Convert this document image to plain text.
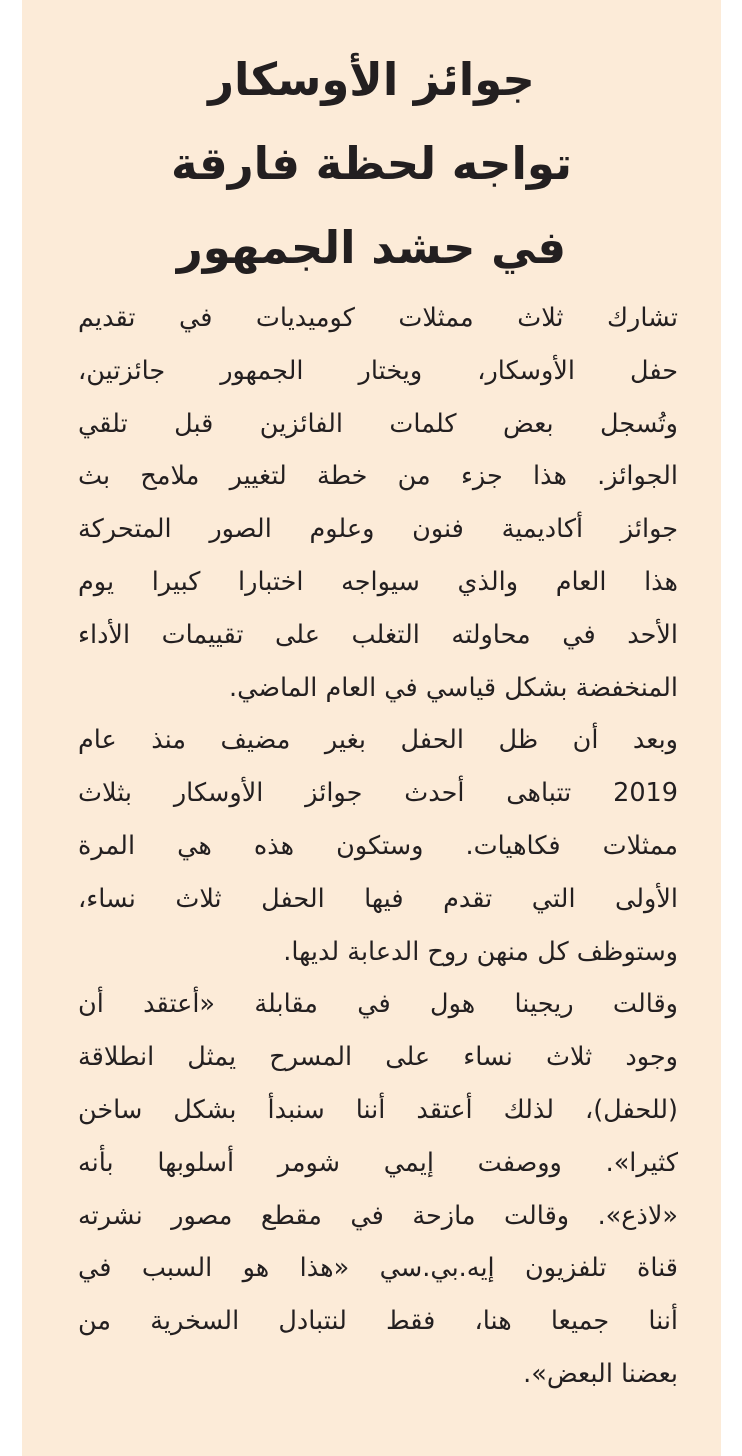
جوائز الأوسكار
تواجه لحظة فارقة
في حشد الجمهور

تشارك ثلاث ممثلات كوميديات في تقديم
حفل الأوسكار، ويختار الجمهور جائزتين،
وتُسجل بعض كلمات الفائزين قبل تلقي
الجوائز. هذا جزء من خطة لتغيير ملامح بث
جوائز أكاديمية فنون وعلوم الصور المتحركة
هذا العام والذي سيواجه اختبارا كبيرا يوم
الأحد في محاولته التغلب على تقييمات الأداء
المنخفضة بشكل قياسي في العام الماضي.

وبعد أن ظل الحفل بغير مضيف منذ عام
2019 تتباهى أحدث جوائز الأوسكار بثلاث
ممثلات فكاهيات. وستكون هذه هي المرة
الأولى التي تقدم فيها الحفل ثلاث نساء،
وستوظف كل منهن روح الدعابة لديها.

وقالت ريجينا هول في مقابلة «أعتقد أن
وجود ثلاث نساء على المسرح يمثل انطلاقة
(للحفل)، لذلك أعتقد أننا سنبدأ بشكل ساخن
كثيرا». ووصفت إيمي شومر أسلوبها بأنه
«لاذع». وقالت مازحة في مقطع مصور نشرته
قناة تلفزيون إيه.بي.سي «هذا هو السبب في
أننا جميعا هنا، فقط لنتبادل السخرية من
بعضنا البعض».
